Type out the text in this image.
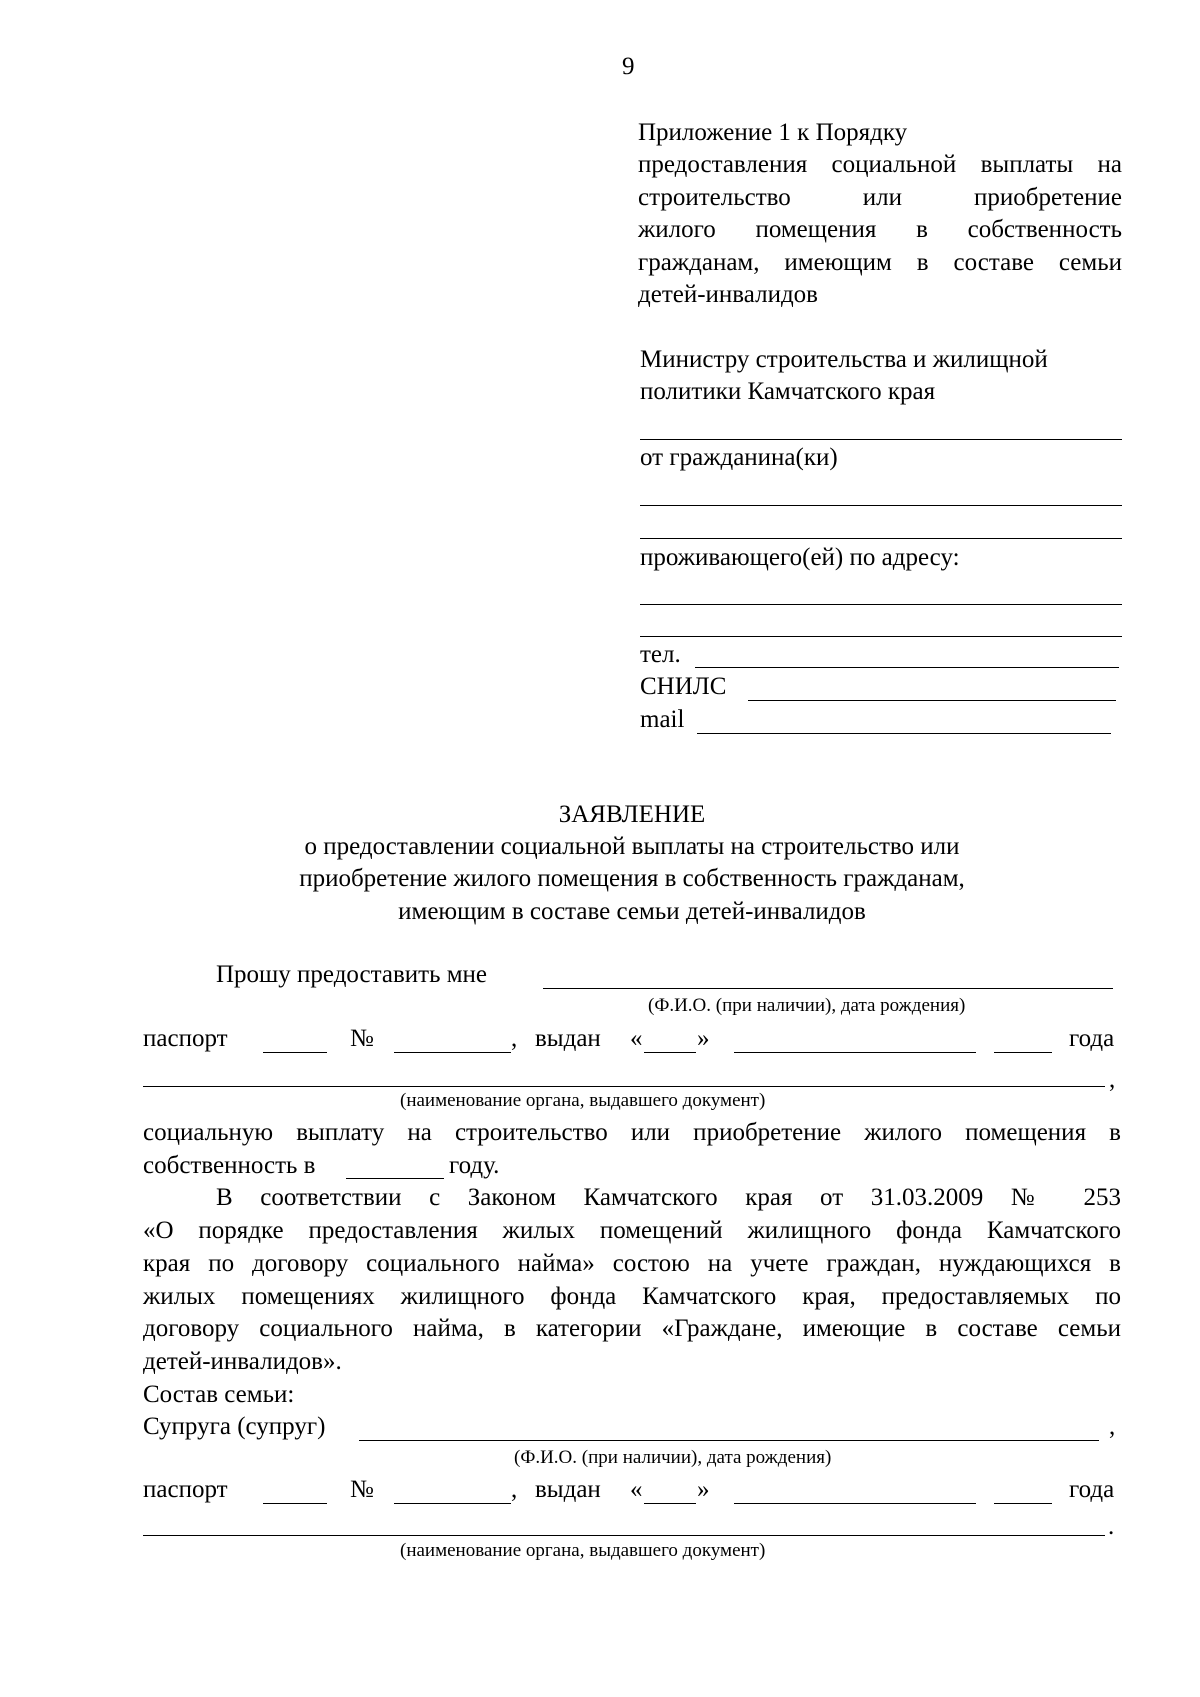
9
Приложение 1 к Порядку
предоставления социальной выплаты на
строительство или приобретение
жилого помещения в собственность
гражданам, имеющим в составе семьи
детей-инвалидов
Министру строительства и жилищной
политики Камчатского края
от гражданина(ки)
проживающего(ей) по адресу:
тел.
СНИЛС
mail
ЗАЯВЛЕНИЕ
о предоставлении социальной выплаты на строительство или
приобретение жилого помещения в собственность гражданам,
имеющим в составе семьи детей-инвалидов
Прошу предоставить мне
(Ф.И.О. (при наличии), дата рождения)
паспорт	№	, выдан « »	года
,
(наименование органа, выдавшего документ)
социальную выплату на строительство или приобретение жилого помещения в
собственность в	году.
В соответствии с Законом Камчатского края от 31.03.2009 № 253
«О порядке предоставления жилых помещений жилищного фонда Камчатского
края по договору социального найма» состою на учете граждан, нуждающихся в
жилых помещениях жилищного фонда Камчатского края, предоставляемых по
договору социального найма, в категории «Граждане, имеющие в составе семьи
детей-инвалидов».
Состав семьи:
Супруга (супруг)	,
(Ф.И.О. (при наличии), дата рождения)
паспорт	№	, выдан « »	года
.
(наименование органа, выдавшего документ)
